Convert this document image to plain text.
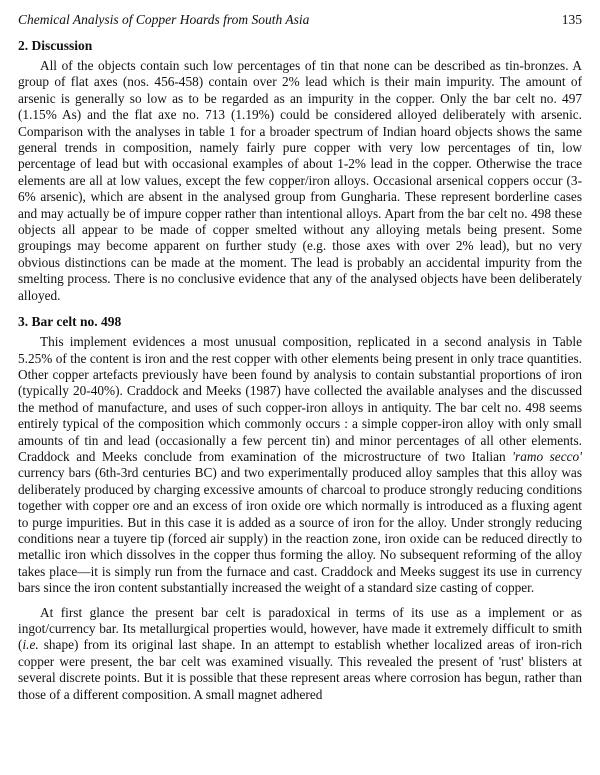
Chemical Analysis of Copper Hoards from South Asia	135
2. Discussion

All of the objects contain such low percentages of tin that none can be described as tin-bronzes. A group of flat axes (nos. 456-458) contain over 2% lead which is their main impurity. The amount of arsenic is generally so low as to be regarded as an impurity in the copper. Only the bar celt no. 497 (1.15% As) and the flat axe no. 713 (1.19%) could be considered alloyed deliberately with arsenic. Comparison with the analyses in table 1 for a broader spectrum of Indian hoard objects shows the same general trends in composition, namely fairly pure copper with very low percentages of tin, low percentage of lead but with occasional examples of about 1-2% lead in the copper. Otherwise the trace elements are all at low values, except the few copper/iron alloys. Occasional arsenical coppers occur (3-6% arsenic), which are absent in the analysed group from Gungharia. These represent borderline cases and may actually be of impure copper rather than intentional alloys. Apart from the bar celt no. 498 these objects all appear to be made of copper smelted without any alloying metals being present. Some groupings may become apparent on further study (e.g. those axes with over 2% lead), but no very obvious distinctions can be made at the moment. The lead is probably an accidental impurity from the smelting process. There is no conclusive evidence that any of the analysed objects have been deliberately alloyed.

3. Bar celt no. 498

This implement evidences a most unusual composition, replicated in a second analysis in Table 5.25% of the content is iron and the rest copper with other elements being present in only trace quantities. Other copper artefacts previously have been found by analysis to contain substantial proportions of iron (typically 20-40%). Craddock and Meeks (1987) have collected the available analyses and the discussed the method of manufacture, and uses of such copper-iron alloys in antiquity. The bar celt no. 498 seems entirely typical of the composition which commonly occurs : a simple copper-iron alloy with only small amounts of tin and lead (occasionally a few percent tin) and minor percentages of all other elements. Craddock and Meeks conclude from examination of the microstructure of two Italian 'ramo secco' currency bars (6th-3rd centuries BC) and two experimentally produced alloy samples that this alloy was deliberately produced by charging excessive amounts of charcoal to produce strongly reducing conditions together with copper ore and an excess of iron oxide ore which normally is introduced as a fluxing agent to purge impurities. But in this case it is added as a source of iron for the alloy. Under strongly reducing conditions near a tuyere tip (forced air supply) in the reaction zone, iron oxide can be reduced directly to metallic iron which dissolves in the copper thus forming the alloy. No subsequent reforming of the alloy takes place—it is simply run from the furnace and cast. Craddock and Meeks suggest its use in currency bars since the iron content substantially increased the weight of a standard size casting of copper.

At first glance the present bar celt is paradoxical in terms of its use as a implement or as ingot/currency bar. Its metallurgical properties would, however, have made it extremely difficult to smith (i.e. shape) from its original last shape. In an attempt to establish whether localized areas of iron-rich copper were present, the bar celt was examined visually. This revealed the present of 'rust' blisters at several discrete points. But it is possible that these represent areas where corrosion has begun, rather than those of a different composition. A small magnet adhered
